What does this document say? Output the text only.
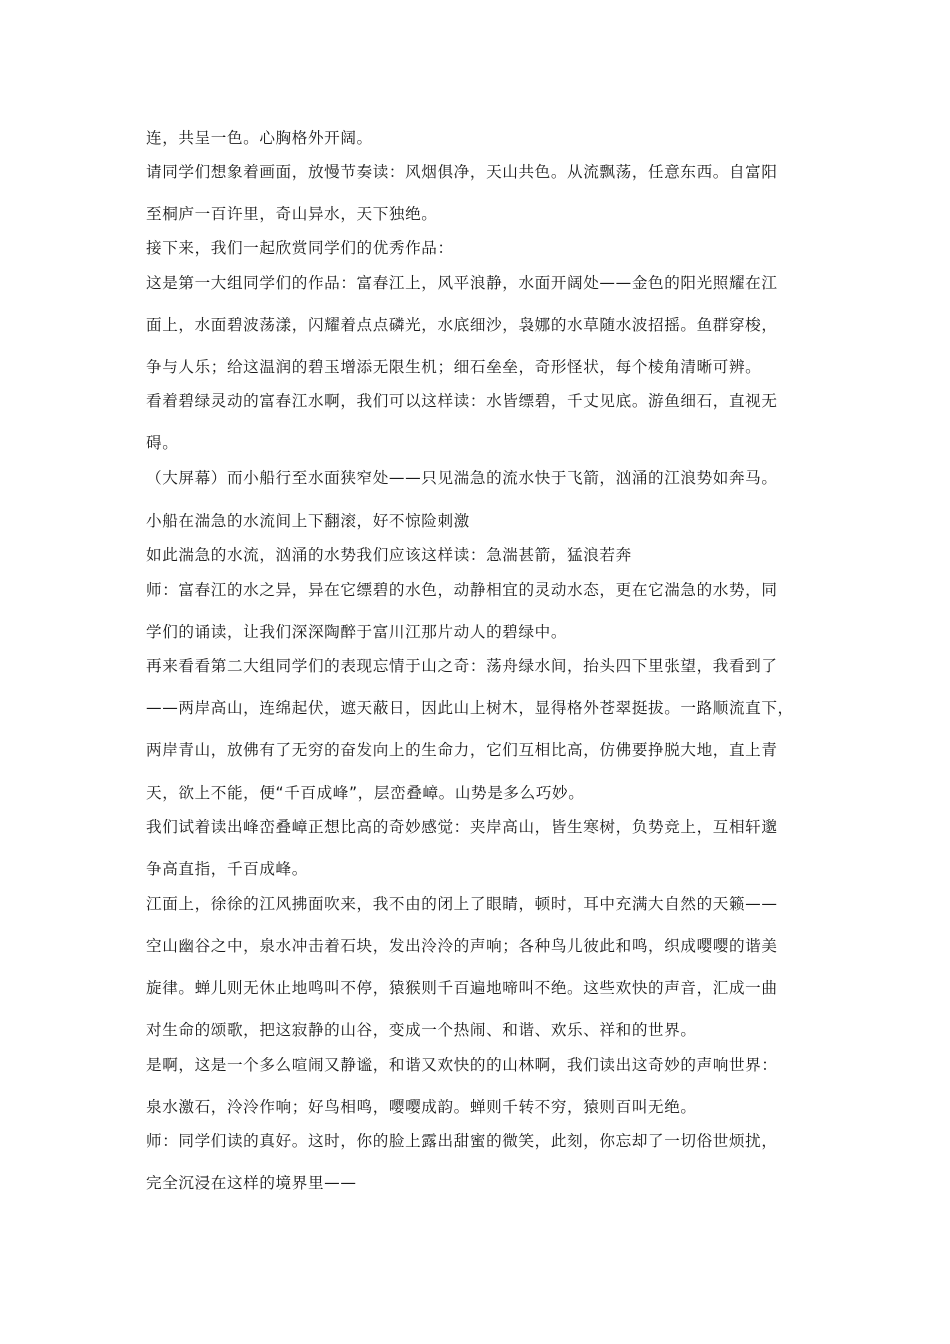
连，共呈一色。心胸格外开阔。
请同学们想象着画面，放慢节奏读：风烟俱净，天山共色。从流飘荡，任意东西。自富阳
至桐庐一百许里，奇山异水，天下独绝。
接下来，我们一起欣赏同学们的优秀作品：
这是第一大组同学们的作品：富春江上，风平浪静，水面开阔处——金色的阳光照耀在江
面上，水面碧波荡漾，闪耀着点点磷光，水底细沙，袅娜的水草随水波招摇。鱼群穿梭，
争与人乐；给这温润的碧玉增添无限生机；细石垒垒，奇形怪状，每个棱角清晰可辨。
看着碧绿灵动的富春江水啊，我们可以这样读：水皆缥碧，千丈见底。游鱼细石，直视无
碍。
（大屏幕）而小船行至水面狭窄处——只见湍急的流水快于飞箭，汹涌的江浪势如奔马。
小船在湍急的水流间上下翻滚，好不惊险刺激
如此湍急的水流，汹涌的水势我们应该这样读：急湍甚箭，猛浪若奔
师：富春江的水之异，异在它缥碧的水色，动静相宜的灵动水态，更在它湍急的水势，同
学们的诵读，让我们深深陶醉于富川江那片动人的碧绿中。
再来看看第二大组同学们的表现忘情于山之奇：荡舟绿水间，抬头四下里张望，我看到了
——两岸高山，连绵起伏，遮天蔽日，因此山上树木，显得格外苍翠挺拔。一路顺流直下，
两岸青山，放佛有了无穷的奋发向上的生命力，它们互相比高，仿佛要挣脱大地，直上青
天，欲上不能，便“千百成峰”，层峦叠嶂。山势是多么巧妙。
我们试着读出峰峦叠嶂正想比高的奇妙感觉：夹岸高山，皆生寒树，负势竞上，互相轩邈
争高直指，千百成峰。
江面上，徐徐的江风拂面吹来，我不由的闭上了眼睛，顿时，耳中充满大自然的天籁——
空山幽谷之中，泉水冲击着石块，发出泠泠的声响；各种鸟儿彼此和鸣，织成嘤嘤的谐美
旋律。蝉儿则无休止地鸣叫不停，猿猴则千百遍地啼叫不绝。这些欢快的声音，汇成一曲
对生命的颂歌，把这寂静的山谷，变成一个热闹、和谐、欢乐、祥和的世界。
是啊，这是一个多么喧闹又静谧，和谐又欢快的的山林啊，我们读出这奇妙的声响世界：
泉水激石，泠泠作响；好鸟相鸣，嘤嘤成韵。蝉则千转不穷，猿则百叫无绝。
师：同学们读的真好。这时，你的脸上露出甜蜜的微笑，此刻，你忘却了一切俗世烦扰，
完全沉浸在这样的境界里——
